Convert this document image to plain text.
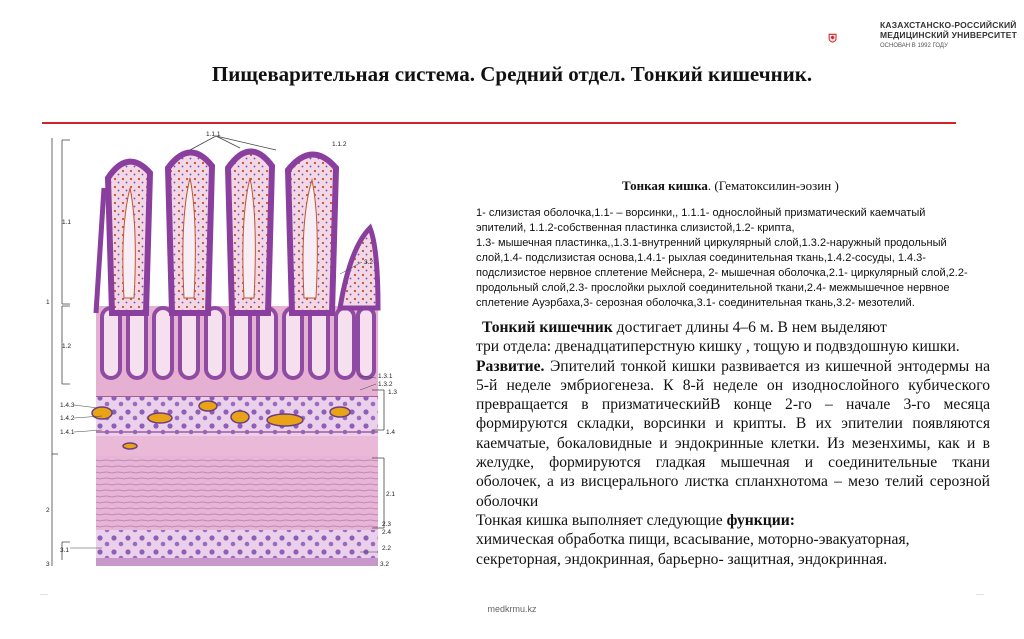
КРМУ
КАЗАХСТАНСКО-РОССИЙСКИЙ
МЕДИЦИНСКИЙ УНИВЕРСИТЕТ
ОСНОВАН В 1992 ГОДУ
Пищеварительная система. Средний отдел. Тонкий кишечник.
1.1.1
1.1.2
1.1
1
1.2
1.4.3
1.4.2
1.4.1
2
3.1
3
3.2
1.3.1
1.3.2
1.3
1.4
2.1
2.3
2.4
2.2
3.2
Тонкая кишка. (Гематоксилин-эозин )
1- слизистая оболочка,1.1- – ворсинки,, 1.1.1- однослойный призматический каемчатый
эпителий, 1.1.2-собственная пластинка слизистой,1.2- крипта,
1.3- мышечная пластинка,,1.3.1-внутренний циркулярный слой,1.3.2-наружный продольный
слой,1.4- подслизистая основа,1.4.1- рыхлая соединительная ткань,1.4.2-сосуды, 1.4.3-
подслизистое нервное сплетение Мейснера, 2- мышечная оболочка,2.1- циркулярный слой,2.2-
продольный слой,2.3- прослойки рыхлой соединительной ткани,2.4- межмышечное нервное
сплетение Ауэрбаха,3- серозная оболочка,3.1- соединительная ткань,3.2- мезотелий.

Тонкий кишечник достигает длины 4–6 м. В нем выделяют

три отдела: двенадцатиперстную кишку , тощую и подвздошную кишки.

Развитие. Эпителий тонкой кишки развивается из кишечной энтодермы на 5-й неделе эмбриогенеза. К 8-й неделе он изоднослойного кубического превращается в призматическийВ конце 2-го – начале 3-го месяца формируются складки, ворсинки и крипты. В их эпителии появляются каемчатые, бокаловидные и эндокринные клетки. Из мезенхимы, как и в желудке, формируются гладкая мышечная и соединительные ткани оболочек, а из висцерального листка спланхнотома – мезо телий серозной оболочки

Тонкая кишка выполняет следующие функции:

химическая обработка пищи, всасывание, моторно-эвакуаторная,

секреторная, эндокринная, барьерно- защитная, эндокринная.

medkrmu.kz
